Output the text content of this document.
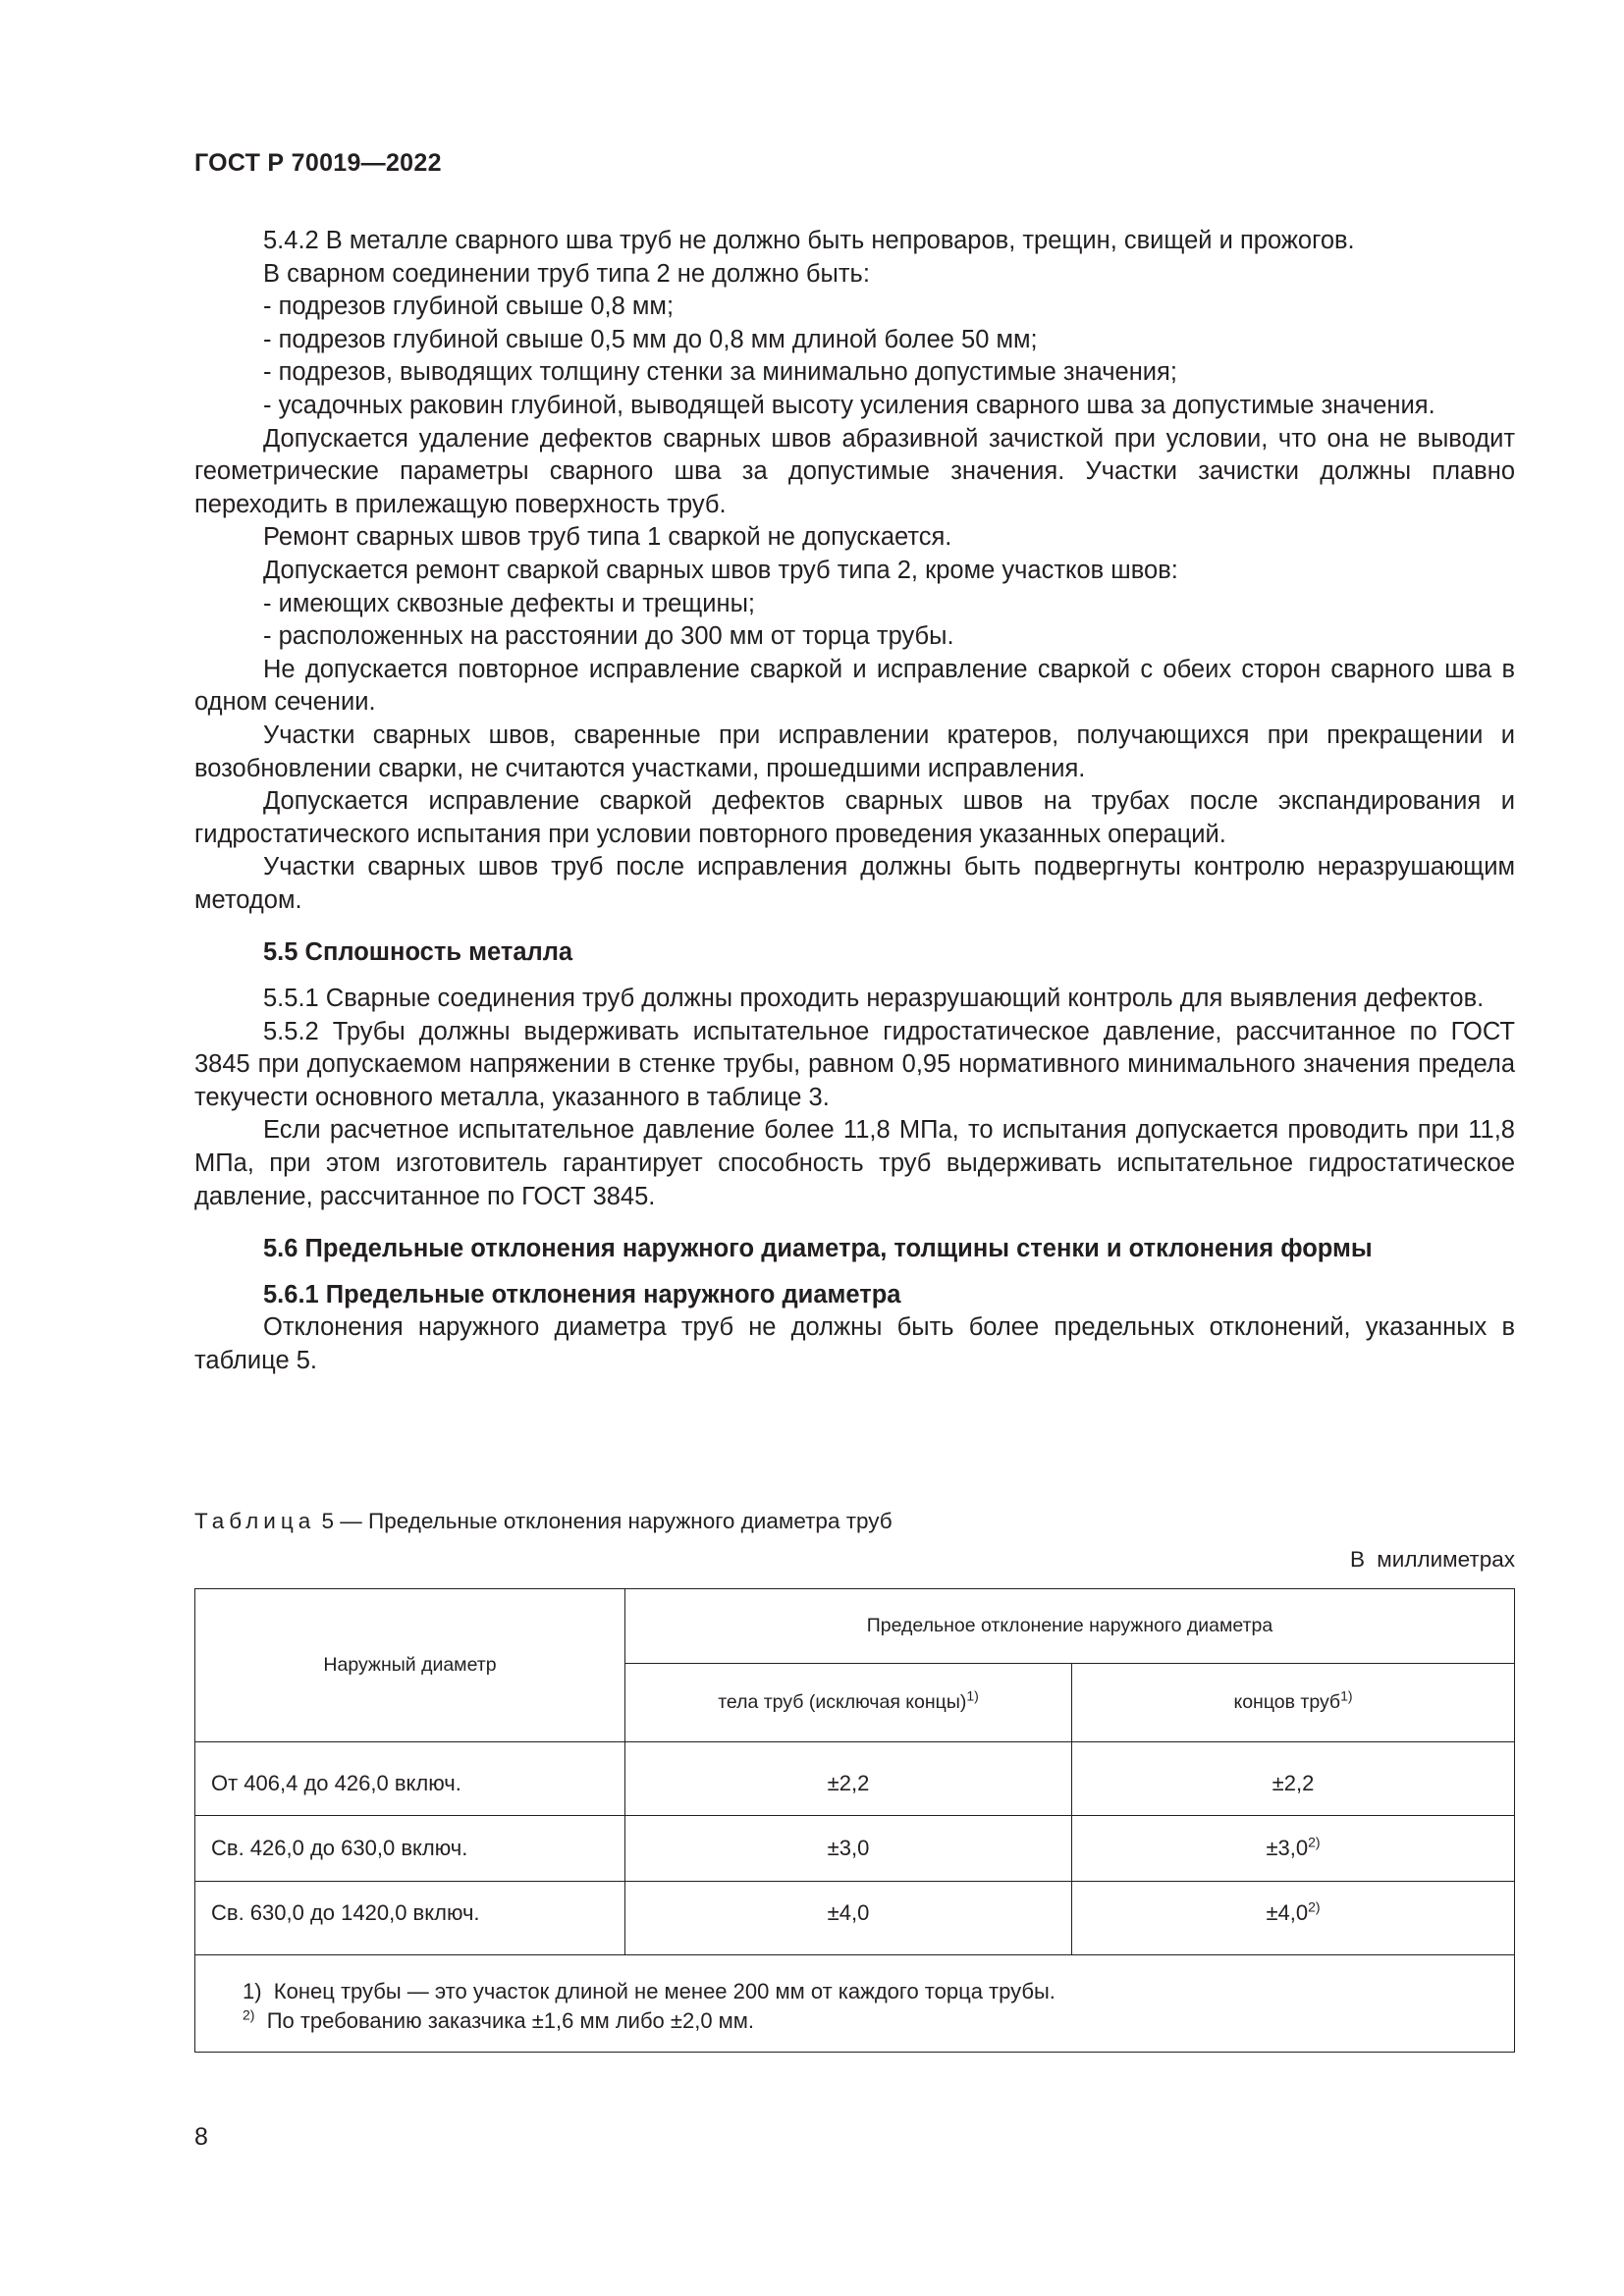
ГОСТ Р 70019—2022

5.4.2 В металле сварного шва труб не должно быть непроваров, трещин, свищей и прожогов.

В сварном соединении труб типа 2 не должно быть:

- подрезов глубиной свыше 0,8 мм;

- подрезов глубиной свыше 0,5 мм до 0,8 мм длиной более 50 мм;

- подрезов, выводящих толщину стенки за минимально допустимые значения;

- усадочных раковин глубиной, выводящей высоту усиления сварного шва за допустимые значения.

Допускается удаление дефектов сварных швов абразивной зачисткой при условии, что она не выводит геометрические параметры сварного шва за допустимые значения. Участки зачистки должны плавно переходить в прилежащую поверхность труб.

Ремонт сварных швов труб типа 1 сваркой не допускается.

Допускается ремонт сваркой сварных швов труб типа 2, кроме участков швов:

- имеющих сквозные дефекты и трещины;

- расположенных на расстоянии до 300 мм от торца трубы.

Не допускается повторное исправление сваркой и исправление сваркой с обеих сторон сварного шва в одном сечении.

Участки сварных швов, сваренные при исправлении кратеров, получающихся при прекращении и возобновлении сварки, не считаются участками, прошедшими исправления.

Допускается исправление сваркой дефектов сварных швов на трубах после экспандирования и гидростатического испытания при условии повторного проведения указанных операций.

Участки сварных швов труб после исправления должны быть подвергнуты контролю неразрушающим методом.

5.5 Сплошность металла

5.5.1 Сварные соединения труб должны проходить неразрушающий контроль для выявления дефектов.

5.5.2 Трубы должны выдерживать испытательное гидростатическое давление, рассчитанное по ГОСТ 3845 при допускаемом напряжении в стенке трубы, равном 0,95 нормативного минимального значения предела текучести основного металла, указанного в таблице 3.

Если расчетное испытательное давление более 11,8 МПа, то испытания допускается проводить при 11,8 МПа, при этом изготовитель гарантирует способность труб выдерживать испытательное гидростатическое давление, рассчитанное по ГОСТ 3845.

5.6 Предельные отклонения наружного диаметра, толщины стенки и отклонения формы

5.6.1 Предельные отклонения наружного диаметра

Отклонения наружного диаметра труб не должны быть более предельных отклонений, указанных в таблице 5.

Таблица 5 — Предельные отклонения наружного диаметра труб
В миллиметрах
Наружный диаметр	Предельное отклонение наружного диаметра	
	тела труб (исключая концы)$^{1)}$	концов труб$^{1)}$
От 406,4 до 426,0 включ.	±2,2	±2,2
Св. 426,0 до 630,0 включ.	±3,0	$\pm 3,0^{2)}$
Св. 630,0 до 1420,0 включ.	±4,0	$\pm 4,0^{2)}$

1) Конец трубы — это участок длиной не менее 200 мм от каждого торца трубы.
$^{2)}$ По требованию заказчика ±1,6 мм либо ±2,0 мм.		
8
